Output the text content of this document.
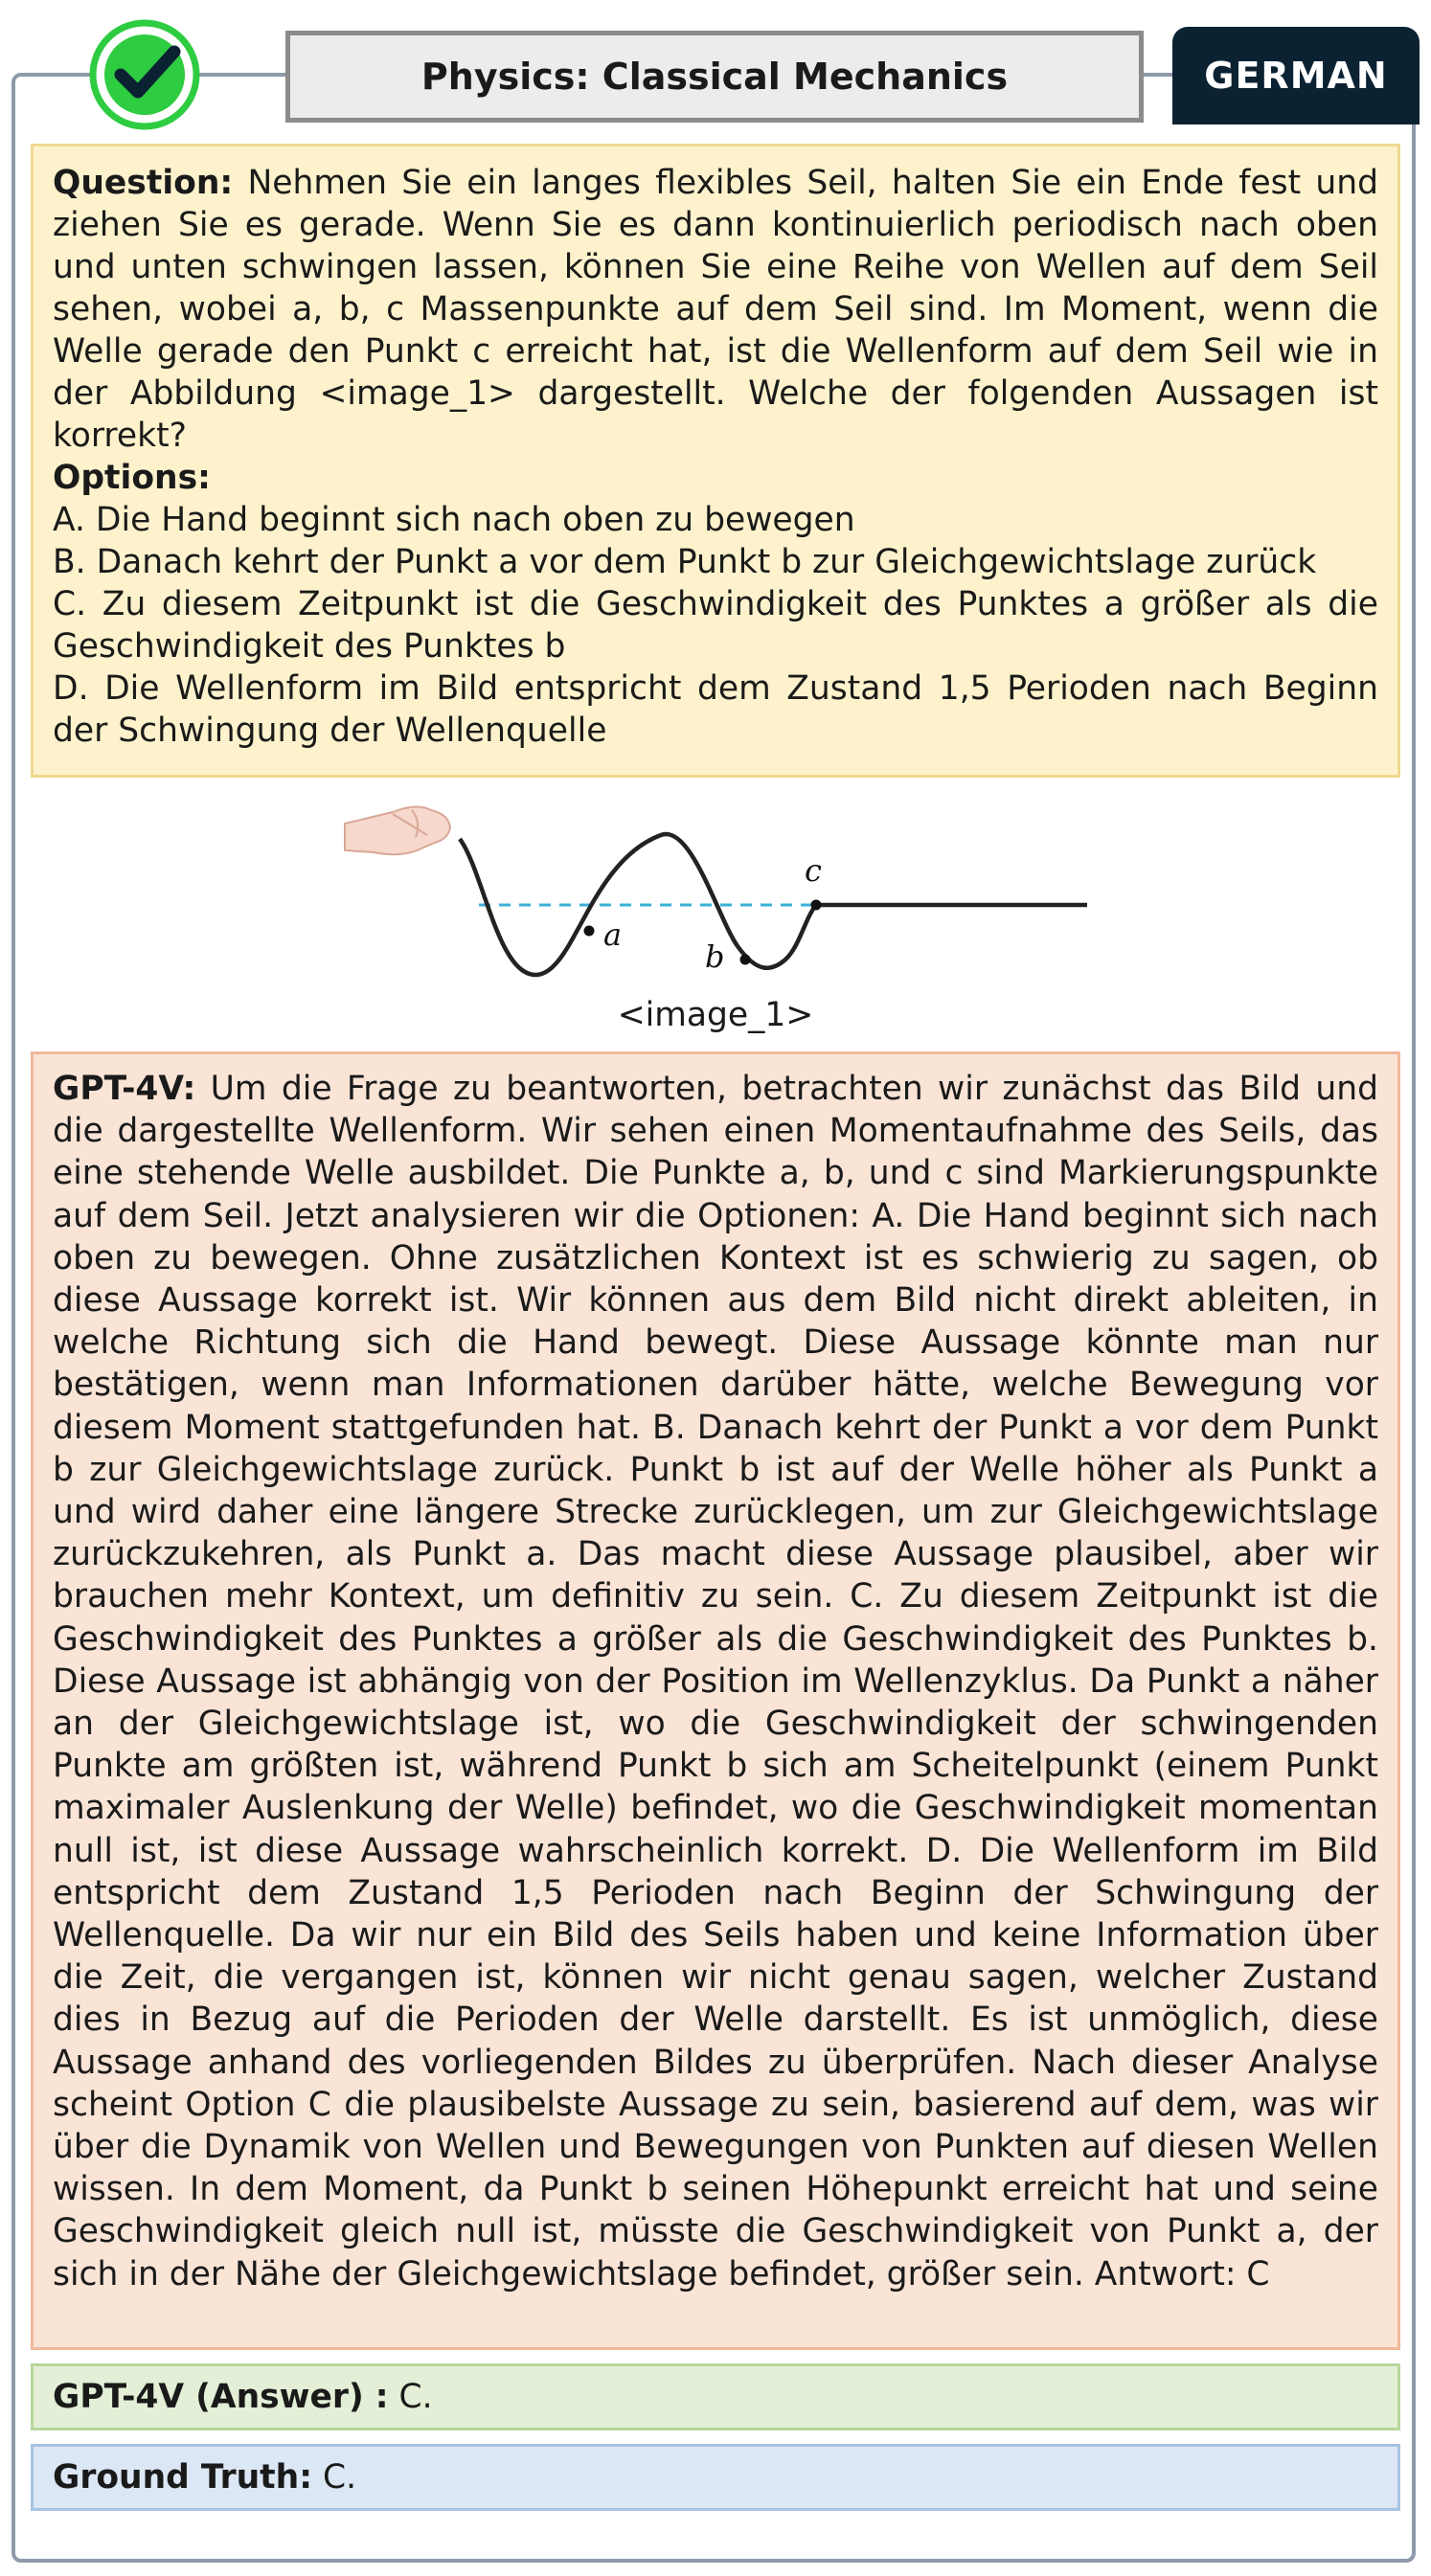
Physics: Classical Mechanics	GERMAN

Question: Nehmen Sie ein langes flexibles Seil, halten Sie ein Ende fest und ziehen Sie es gerade. Wenn Sie es dann kontinuierlich periodisch nach oben und unten schwingen lassen, können Sie eine Reihe von Wellen auf dem Seil sehen, wobei a, b, c Massenpunkte auf dem Seil sind. Im Moment, wenn die Welle gerade den Punkt c erreicht hat, ist die Wellenform auf dem Seil wie in der Abbildung <image_1> dargestellt. Welche der folgenden Aussagen ist korrekt?

Options:

A. Die Hand beginnt sich nach oben zu bewegen

B. Danach kehrt der Punkt a vor dem Punkt b zur Gleichgewichtslage zurück

C. Zu diesem Zeitpunkt ist die Geschwindigkeit des Punktes a größer als die Geschwindigkeit des Punktes b

D. Die Wellenform im Bild entspricht dem Zustand 1,5 Perioden nach Beginn der Schwingung der Wellenquelle

a
b
c
<image_1>

GPT-4V: Um die Frage zu beantworten, betrachten wir zunächst das Bild und die dargestellte Wellenform. Wir sehen einen Momentaufnahme des Seils, das eine stehende Welle ausbildet. Die Punkte a, b, und c sind Markierungspunkte auf dem Seil. Jetzt analysieren wir die Optionen: A. Die Hand beginnt sich nach oben zu bewegen. Ohne zusätzlichen Kontext ist es schwierig zu sagen, ob diese Aussage korrekt ist. Wir können aus dem Bild nicht direkt ableiten, in welche Richtung sich die Hand bewegt. Diese Aussage könnte man nur bestätigen, wenn man Informationen darüber hätte, welche Bewegung vor diesem Moment stattgefunden hat. B. Danach kehrt der Punkt a vor dem Punkt b zur Gleichgewichtslage zurück. Punkt b ist auf der Welle höher als Punkt a und wird daher eine längere Strecke zurücklegen, um zur Gleichgewichtslage zurückzukehren, als Punkt a. Das macht diese Aussage plausibel, aber wir brauchen mehr Kontext, um definitiv zu sein. C. Zu diesem Zeitpunkt ist die Geschwindigkeit des Punktes a größer als die Geschwindigkeit des Punktes b. Diese Aussage ist abhängig von der Position im Wellenzyklus. Da Punkt a näher an der Gleichgewichtslage ist, wo die Geschwindigkeit der schwingenden Punkte am größten ist, während Punkt b sich am Scheitelpunkt (einem Punkt maximaler Auslenkung der Welle) befindet, wo die Geschwindigkeit momentan null ist, ist diese Aussage wahrscheinlich korrekt. D. Die Wellenform im Bild entspricht dem Zustand 1,5 Perioden nach Beginn der Schwingung der Wellenquelle. Da wir nur ein Bild des Seils haben und keine Information über die Zeit, die vergangen ist, können wir nicht genau sagen, welcher Zustand dies in Bezug auf die Perioden der Welle darstellt. Es ist unmöglich, diese Aussage anhand des vorliegenden Bildes zu überprüfen. Nach dieser Analyse scheint Option C die plausibelste Aussage zu sein, basierend auf dem, was wir über die Dynamik von Wellen und Bewegungen von Punkten auf diesen Wellen wissen. In dem Moment, da Punkt b seinen Höhepunkt erreicht hat und seine Geschwindigkeit gleich null ist, müsste die Geschwindigkeit von Punkt a, der sich in der Nähe der Gleichgewichtslage befindet, größer sein. Antwort: C

GPT-4V (Answer) :
C.
Ground Truth:
C.
